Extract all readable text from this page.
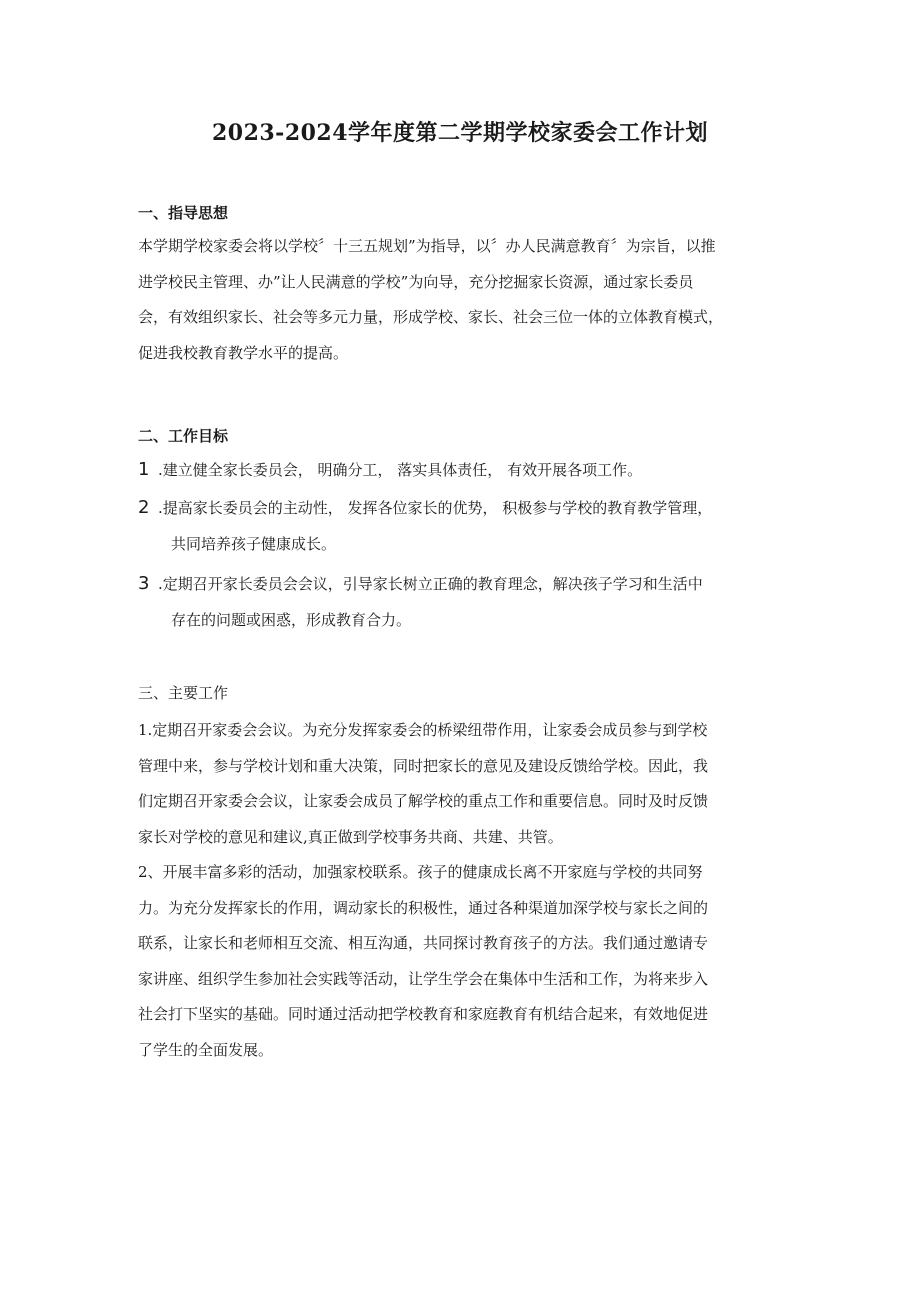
2023-2024学年度第二学期学校家委会工作计划
一、指导思想
本学期学校家委会将以学校〞十三五规划”为指导，以〞办人民满意教育〞为宗旨，以推
进学校民主管理、办”让人民满意的学校”为向导，充分挖掘家长资源，通过家长委员
会，有效组织家长、社会等多元力量，形成学校、家长、社会三位一体的立体教育模式，
促进我校教育教学水平的提高。
二、工作目标
1 .建立健全家长委员会， 明确分工， 落实具体责任， 有效开展各项工作。
2 .提高家长委员会的主动性， 发挥各位家长的优势， 积极参与学校的教育教学管理，
共同培养孩子健康成长。
3 .定期召开家长委员会会议，引导家长树立正确的教育理念，解决孩子学习和生活中
存在的问题或困惑，形成教育合力。
三、主要工作
1.定期召开家委会会议。为充分发挥家委会的桥梁纽带作用，让家委会成员参与到学校
管理中来，参与学校计划和重大决策，同时把家长的意见及建设反馈给学校。因此，我
们定期召开家委会会议，让家委会成员了解学校的重点工作和重要信息。同时及时反馈
家长对学校的意见和建议,真正做到学校事务共商、共建、共管。
2、开展丰富多彩的活动，加强家校联系。孩子的健康成长离不开家庭与学校的共同努
力。为充分发挥家长的作用，调动家长的积极性，通过各种渠道加深学校与家长之间的
联系，让家长和老师相互交流、相互沟通，共同探讨教育孩子的方法。我们通过邀请专
家讲座、组织学生参加社会实践等活动，让学生学会在集体中生活和工作，为将来步入
社会打下坚实的基础。同时通过活动把学校教育和家庭教育有机结合起来，有效地促进
了学生的全面发展。
